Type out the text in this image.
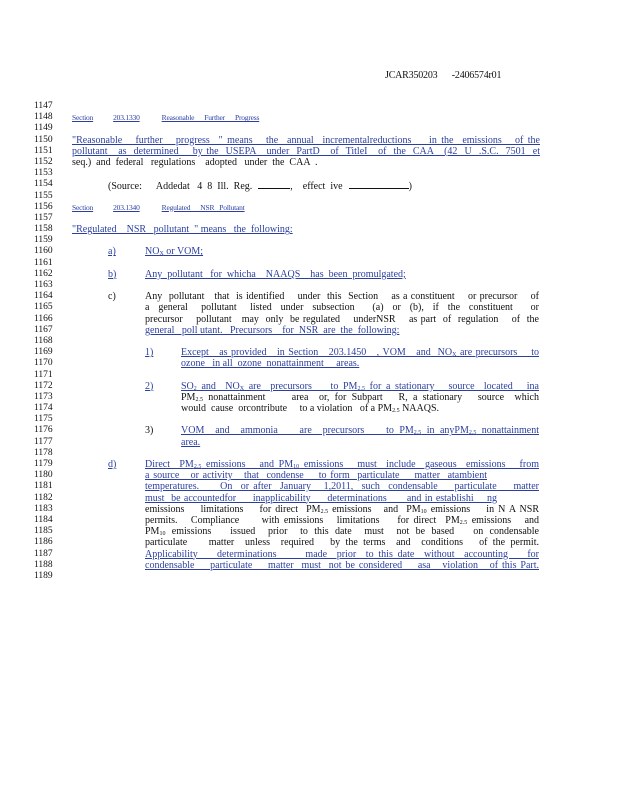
JCAR350203 -2406574r01
1147
1148	Section	203.1330	Reasonable      Further      Progress
1149
1150	"Reasonable   further   progress  " means   the  annual  incrementalreductions    in the  emissions   of the
1151	pollutant   as  determined    by the  USEPA   under  PartD   of  TitleI   of  the  CAA   (42  U  .S.C.  7501  et
1152	seq.)  and  federal   regulations    adopted   under  the  CAA  .
1153
1154	(Source: Addedat   4  8  Ill.  Reg.	, effect  ive	)
1155
1156	Section	203.1340	Regulated      NSR   Pollutant
1157
1158	"Regulated    NSR   pollutant  " means   the  following:
1159
1160	a)	$NO_X$ or VOM;
1161
1162	b)	Any  pollutant   for  whicha    NAAQS    has  been  promulgated;
1163
1164	c)	Any  pollutant   that  is identified    under  this  Section    as a constituent    or precursor    of
1165	a  general   pollutant   listed  under  subsection    (a)  or  (b),  if  the  constituent    or
1166	precursor    pollutant   may  only  be regulated    underNSR    as part  of  regulation    of  the
1167	general   poll utant.   Precursors    for  NSR  are  the  following:
1168
1169	1)	Except   as provided   in Section   203.1450   , VOM   and  $NO_X$ are precursors    to
1170	ozone   in all  ozone  nonattainment     areas.
1171
1172	2)	$SO_2$ and  $NO_X$ are  precursors    to $PM_{2.5}$ for a stationary   source  located   ina
1173	$PM_{2.5}$ nonattainment     area  or, for Subpart   R, a stationary   source  which
1174	would  cause  orcontribute     to a violation   of a $PM_{2.5}$ NAAQS.
1175
1176	3)	VOM  and  ammonia    are  precursors    to $PM_{2.5}$ in anyPM$_{2.5}$ nonattainment
1177	area.
1178
1179	d)	Direct  $PM_{2.5}$ emissions   and $PM_{10}$ emissions   must  include  gaseous  emissions   from
1180	a source   or activity   that  condense    to form  particulate    matter  atambient
1181	temperatures.     On  or after  January   1,2011,  such  condensable    particulate    matter
1182	must  be accountedfor     inapplicability     determinations      and in establishi    ng
1183	emissions    limitations    for direct  $PM_{2.5}$ emissions   and  $PM_{10}$ emissions    in N A NSR
1184	permits.   Compliance     with emissions   limitations    for direct  $PM_{2.5}$ emissions   and
1185	$PM_{10}$ emissions   issued  prior  to this date  must  not be based   on condensable
1186	particulate    matter  unless  required   by the terms  and  conditions   of the permit.
1187	Applicability    determinations      made  prior  to this date  without  accounting    for
1188	condensable    particulate    matter  must  not be considered    asa   violation   of this Part.
1189
